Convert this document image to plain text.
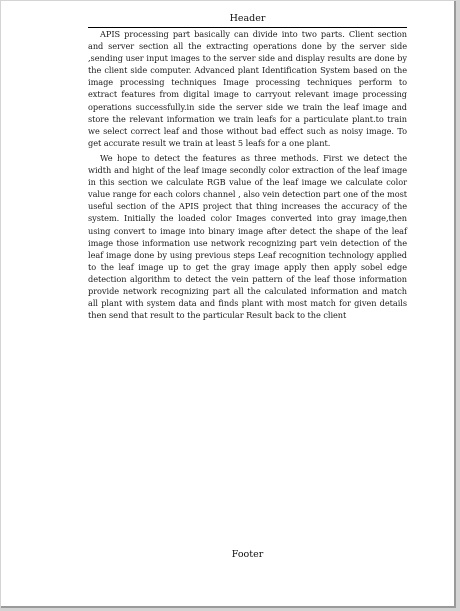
Header

APIS processing part basically can divide into two parts. Client section and server section all the extracting operations done by the server side ,sending user input images to the server side and display results are done by the client side computer. Advanced plant Identification System based on the image processing techniques Image processing techniques perform to extract features from digital image to carryout relevant image processing operations successfully.in side the server side we train the leaf image and store the relevant information we train leafs for a particulate plant.to train we select correct leaf and those without bad effect such as noisy image. To get accurate result we train at least 5 leafs for a one plant.

We hope to detect the features as three methods. First we detect the width and hight of the leaf image secondly color extraction of the leaf image in this section we calculate RGB value of the leaf image we calculate color value range for each colors channel , also vein detection part one of the most useful section of the APIS project that thing increases the accuracy of the system. Initially the loaded color Images converted into gray image,then using convert to image into binary image after detect the shape of the leaf image those information use network recognizing part vein detection of the leaf image done by using previous steps Leaf recognition technology applied to the leaf image up to get the gray image apply then apply sobel edge detection algorithm to detect the vein pattern of the leaf those information provide network recognizing part all the calculated information and match all plant with system data and finds plant with most match for given details then send that result to the particular Result back to the client

Footer
